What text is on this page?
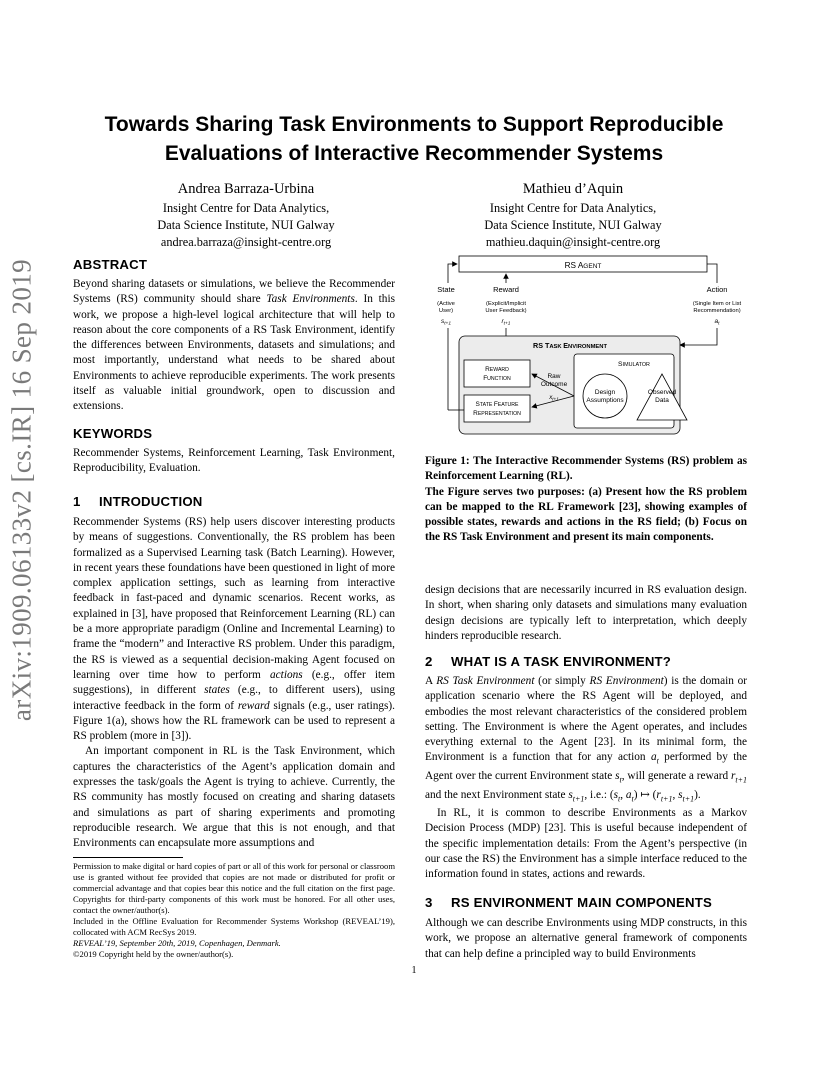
arXiv:1909.06133v2 [cs.IR] 16 Sep 2019
Towards Sharing Task Environments to Support Reproducible
Evaluations of Interactive Recommender Systems
Andrea Barraza-Urbina
Insight Centre for Data Analytics,
Data Science Institute, NUI Galway
andrea.barraza@insight-centre.org
Mathieu d’Aquin
Insight Centre for Data Analytics,
Data Science Institute, NUI Galway
mathieu.daquin@insight-centre.org
ABSTRACT

Beyond sharing datasets or simulations, we believe the Recommender Systems (RS) community should share Task Environments. In this work, we propose a high-level logical architecture that will help to reason about the core components of a RS Task Environment, identify the differences between Environments, datasets and simulations; and most importantly, understand what needs to be shared about Environments to achieve reproducible experiments. The work presents itself as valuable initial groundwork, open to discussion and extensions.

KEYWORDS

Recommender Systems, Reinforcement Learning, Task Environment, Reproducibility, Evaluation.

1 INTRODUCTION

Recommender Systems (RS) help users discover interesting products by means of suggestions. Conventionally, the RS problem has been formalized as a Supervised Learning task (Batch Learning). However, in recent years these foundations have been questioned in light of more complex application settings, such as learning from interactive feedback in fast-paced and dynamic scenarios. Recent works, as explained in [3], have proposed that Reinforcement Learning (RL) can be a more appropriate paradigm (Online and Incremental Learning) to frame the “modern” and Interactive RS problem. Under this paradigm, the RS is viewed as a sequential decision-making Agent focused on learning over time how to perform actions (e.g., offer item suggestions), in different states (e.g., to different users), using interactive feedback in the form of reward signals (e.g., user ratings). Figure 1(a), shows how the RL framework can be used to represent a RS problem (more in [3]).

An important component in RL is the Task Environment, which captures the characteristics of the Agent’s application domain and expresses the task/goals the Agent is trying to achieve. Currently, the RS community has mostly focused on creating and sharing datasets and simulations as part of sharing experiments and promoting reproducible research. We argue that this is not enough, and that Environments can encapsulate more assumptions and

Permission to make digital or hard copies of part or all of this work for personal or classroom use is granted without fee provided that copies are not made or distributed for profit or commercial advantage and that copies bear this notice and the full citation on the first page. Copyrights for third-party components of this work must be honored. For all other uses, contact the owner/author(s).

Included in the Offline Evaluation for Recommender Systems Workshop (REVEAL’19), collocated with ACM RecSys 2019.

REVEAL’19, September 20th, 2019, Copenhagen, Denmark.

©2019 Copyright held by the owner/author(s).

RS AGENT
State
(Active
User)
$s_{t+1}$
Reward
(Explicit/Implicit
User Feedback)
$r_{t+1}$
Action
(Single Item or List
Recommendation)
$a_t$
RS TASK ENVIRONMENT
REWARD
FUNCTION
STATE FEATURE
REPRESENTATION
SIMULATOR
Design
Assumptions
Observed
Data
Raw
Outcome
$x_{t+1}$

Figure 1: The Interactive Recommender Systems (RS) problem as Reinforcement Learning (RL).

The Figure serves two purposes: (a) Present how the RS problem can be mapped to the RL Framework [23], showing examples of possible states, rewards and actions in the RS field; (b) Focus on the RS Task Environment and present its main components.

design decisions that are necessarily incurred in RS evaluation design. In short, when sharing only datasets and simulations many evaluation design decisions are typically left to interpretation, which deeply hinders reproducible research.

2 WHAT IS A TASK ENVIRONMENT?

A RS Task Environment (or simply RS Environment) is the domain or application scenario where the RS Agent will be deployed, and embodies the most relevant characteristics of the considered problem setting. The Environment is where the Agent operates, and includes everything external to the Agent [23]. In its minimal form, the Environment is a function that for any action $a_t$ performed by the Agent over the current Environment state $s_t$, will generate a reward $r_{t+1}$ and the next Environment state $s_{t+1}$, i.e.: ($s_t$, $a_t$) ↦ ($r_{t+1}$, $s_{t+1}$).

In RL, it is common to describe Environments as a Markov Decision Process (MDP) [23]. This is useful because independent of the specific implementation details: From the Agent’s perspective (in our case the RS) the Environment has a simple interface reduced to the information found in states, actions and rewards.

3 RS ENVIRONMENT MAIN COMPONENTS

Although we can describe Environments using MDP constructs, in this work, we propose an alternative general framework of components that can help define a principled way to build Environments

1
